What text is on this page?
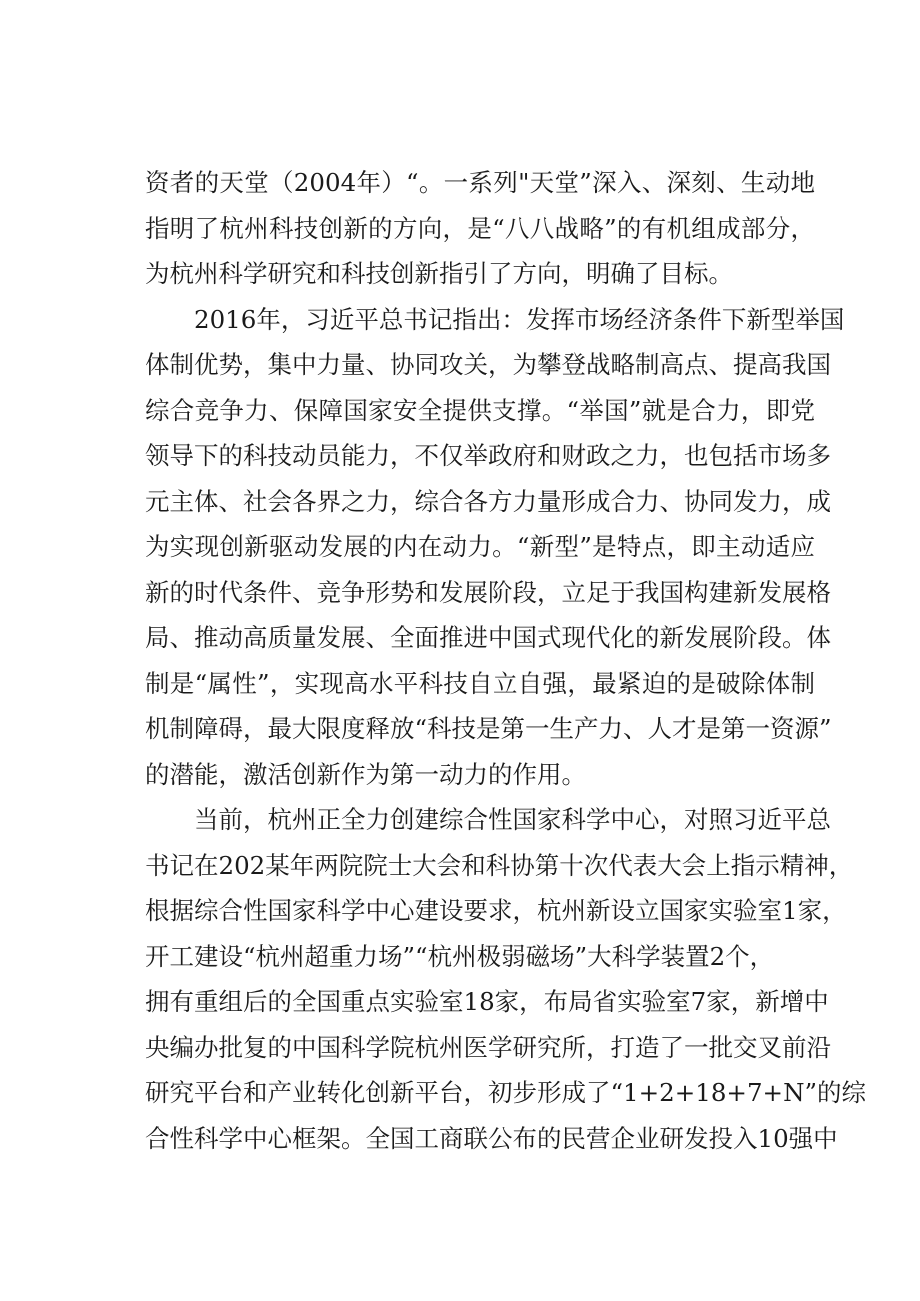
资者的天堂（2004年）“。一系列"天堂”深入、深刻、生动地
指明了杭州科技创新的方向，是“八八战略”的有机组成部分，
为杭州科学研究和科技创新指引了方向，明确了目标。
2016年，习近平总书记指出：发挥市场经济条件下新型举国
体制优势，集中力量、协同攻关，为攀登战略制高点、提高我国
综合竞争力、保障国家安全提供支撑。“举国”就是合力，即党
领导下的科技动员能力，不仅举政府和财政之力，也包括市场多
元主体、社会各界之力，综合各方力量形成合力、协同发力，成
为实现创新驱动发展的内在动力。“新型”是特点，即主动适应
新的时代条件、竞争形势和发展阶段，立足于我国构建新发展格
局、推动高质量发展、全面推进中国式现代化的新发展阶段。体
制是“属性”，实现高水平科技自立自强，最紧迫的是破除体制
机制障碍，最大限度释放“科技是第一生产力、人才是第一资源”
的潜能，激活创新作为第一动力的作用。
当前，杭州正全力创建综合性国家科学中心，对照习近平总
书记在202某年两院院士大会和科协第十次代表大会上指示精神，
根据综合性国家科学中心建设要求，杭州新设立国家实验室1家，
开工建设“杭州超重力场”“杭州极弱磁场”大科学装置2个，
拥有重组后的全国重点实验室18家，布局省实验室7家，新增中
央编办批复的中国科学院杭州医学研究所，打造了一批交叉前沿
研究平台和产业转化创新平台，初步形成了“1+2+18+7+N”的综
合性科学中心框架。全国工商联公布的民营企业研发投入10强中
